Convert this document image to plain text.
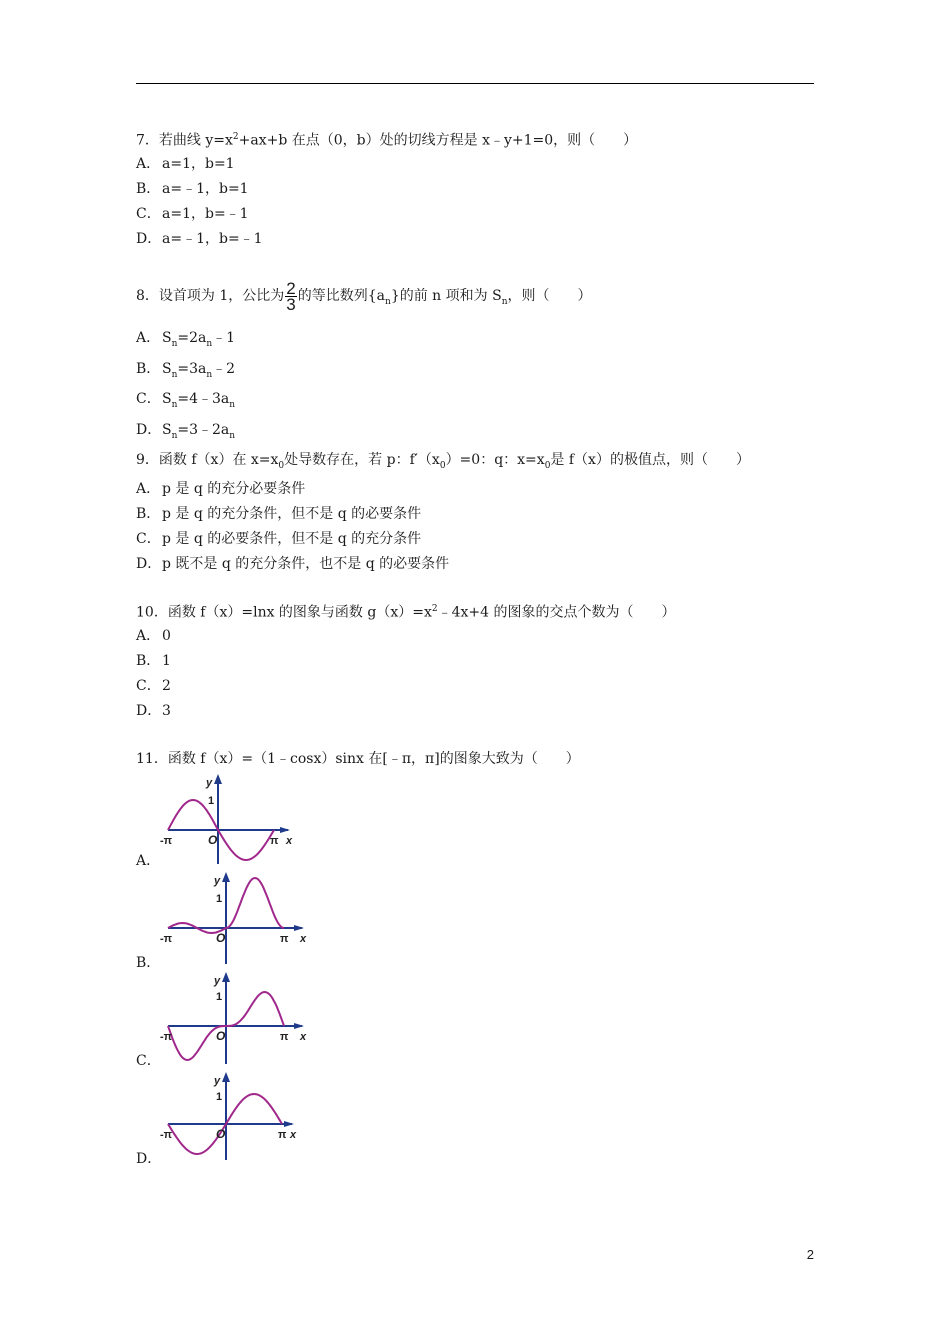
7．若曲线 $y=x^2+ax+b$ 在点（0，b）处的切线方程是 x﹣y+1=0，则（　　）
A． a=1，b=1
B． a=﹣1，b=1
C．a=1，b=﹣1
D．a=﹣1，b=﹣1
8．设首项为 1，公比为 $\frac{2}{3}$ 的等比数列$\{a_n\}$的前 n 项和为 $S_n$，则（　　）
A． $S_n=2a_n﹣1$
B． $S_n=3a_n﹣2$
C．$S_n=4﹣3a_n$
D．$S_n=3﹣2a_n$
9．函数 f（x）在 $x=x_0$处导数存在，若 p：$f'(x_0)=0$：q：$x=x_0$是 f（x）的极值点，则（　　）
A． p 是 q 的充分必要条件
B． p 是 q 的充分条件，但不是 q 的必要条件
C．p 是 q 的必要条件，但不是 q 的充分条件
D．p 既不是 q 的充分条件，也不是 q 的必要条件
10．函数 f（x）=lnx 的图象与函数 $g(x)=x^2﹣4x+4$ 的图象的交点个数为（　　）
A． 0
B． 1
C．2
D．3
11．函数 f（x）=（1﹣cosx）sinx 在[﹣π，π]的图象大致为（　　）
A．
y
1
-π	π
O	x
B．
y
1
-π	π
O	x
C．
y
1
-π	π
O	x
D．
y
1
-π	π
O	x
2
